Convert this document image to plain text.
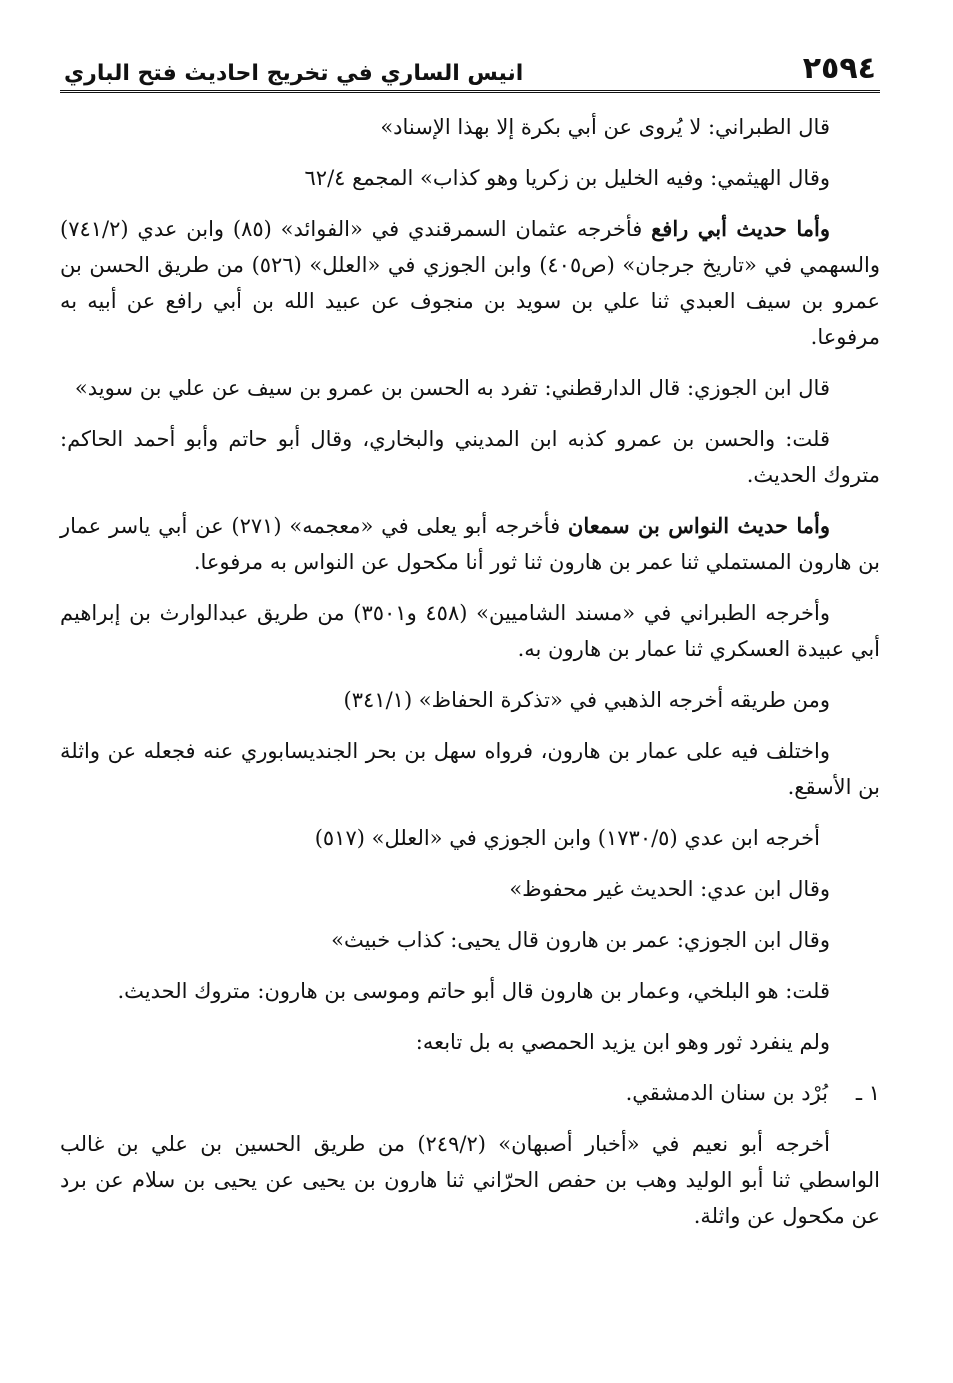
٢٥٩٤
انيس الساري في تخريج احاديث فتح الباري

قال الطبراني: لا يُروى عن أبي بكرة إلا بهذا الإسناد»

وقال الهيثمي: وفيه الخليل بن زكريا وهو كذاب» المجمع ٦٢/٤

وأما حديث أبي رافع فأخرجه عثمان السمرقندي في «الفوائد» (٨٥) وابن عدي (٧٤١/٢) والسهمي في «تاريخ جرجان» (ص٤٠٥) وابن الجوزي في «العلل» (٥٢٦) من طريق الحسن بن عمرو بن سيف العبدي ثنا علي بن سويد بن منجوف عن عبيد الله بن أبي رافع عن أبيه به مرفوعا.

قال ابن الجوزي: قال الدارقطني: تفرد به الحسن بن عمرو بن سيف عن علي بن سويد»

قلت: والحسن بن عمرو كذبه ابن المديني والبخاري، وقال أبو حاتم وأبو أحمد الحاكم: متروك الحديث.

وأما حديث النواس بن سمعان فأخرجه أبو يعلى في «معجمه» (٢٧١) عن أبي ياسر عمار بن هارون المستملي ثنا عمر بن هارون ثنا ثور أنا مكحول عن النواس به مرفوعا.

وأخرجه الطبراني في «مسند الشاميين» (٤٥٨ و٣٥٠١) من طريق عبدالوارث بن إبراهيم أبي عبيدة العسكري ثنا عمار بن هارون به.

ومن طريقه أخرجه الذهبي في «تذكرة الحفاظ» (٣٤١/١)

واختلف فيه على عمار بن هارون، فرواه سهل بن بحر الجنديسابوري عنه فجعله عن واثلة بن الأسقع.

أخرجه ابن عدي (١٧٣٠/٥) وابن الجوزي في «العلل» (٥١٧)

وقال ابن عدي: الحديث غير محفوظ»

وقال ابن الجوزي: عمر بن هارون قال يحيى: كذاب خبيث»

قلت: هو البلخي، وعمار بن هارون قال أبو حاتم وموسى بن هارون: متروك الحديث.

ولم ينفرد ثور وهو ابن يزيد الحمصي به بل تابعه:

١ ـبُرْد بن سنان الدمشقي.

أخرجه أبو نعيم في «أخبار أصبهان» (٢٤٩/٢) من طريق الحسين بن علي بن غالب الواسطي ثنا أبو الوليد وهب بن حفص الحرّاني ثنا هارون بن يحيى عن يحيى بن سلام عن برد عن مكحول عن واثلة.
